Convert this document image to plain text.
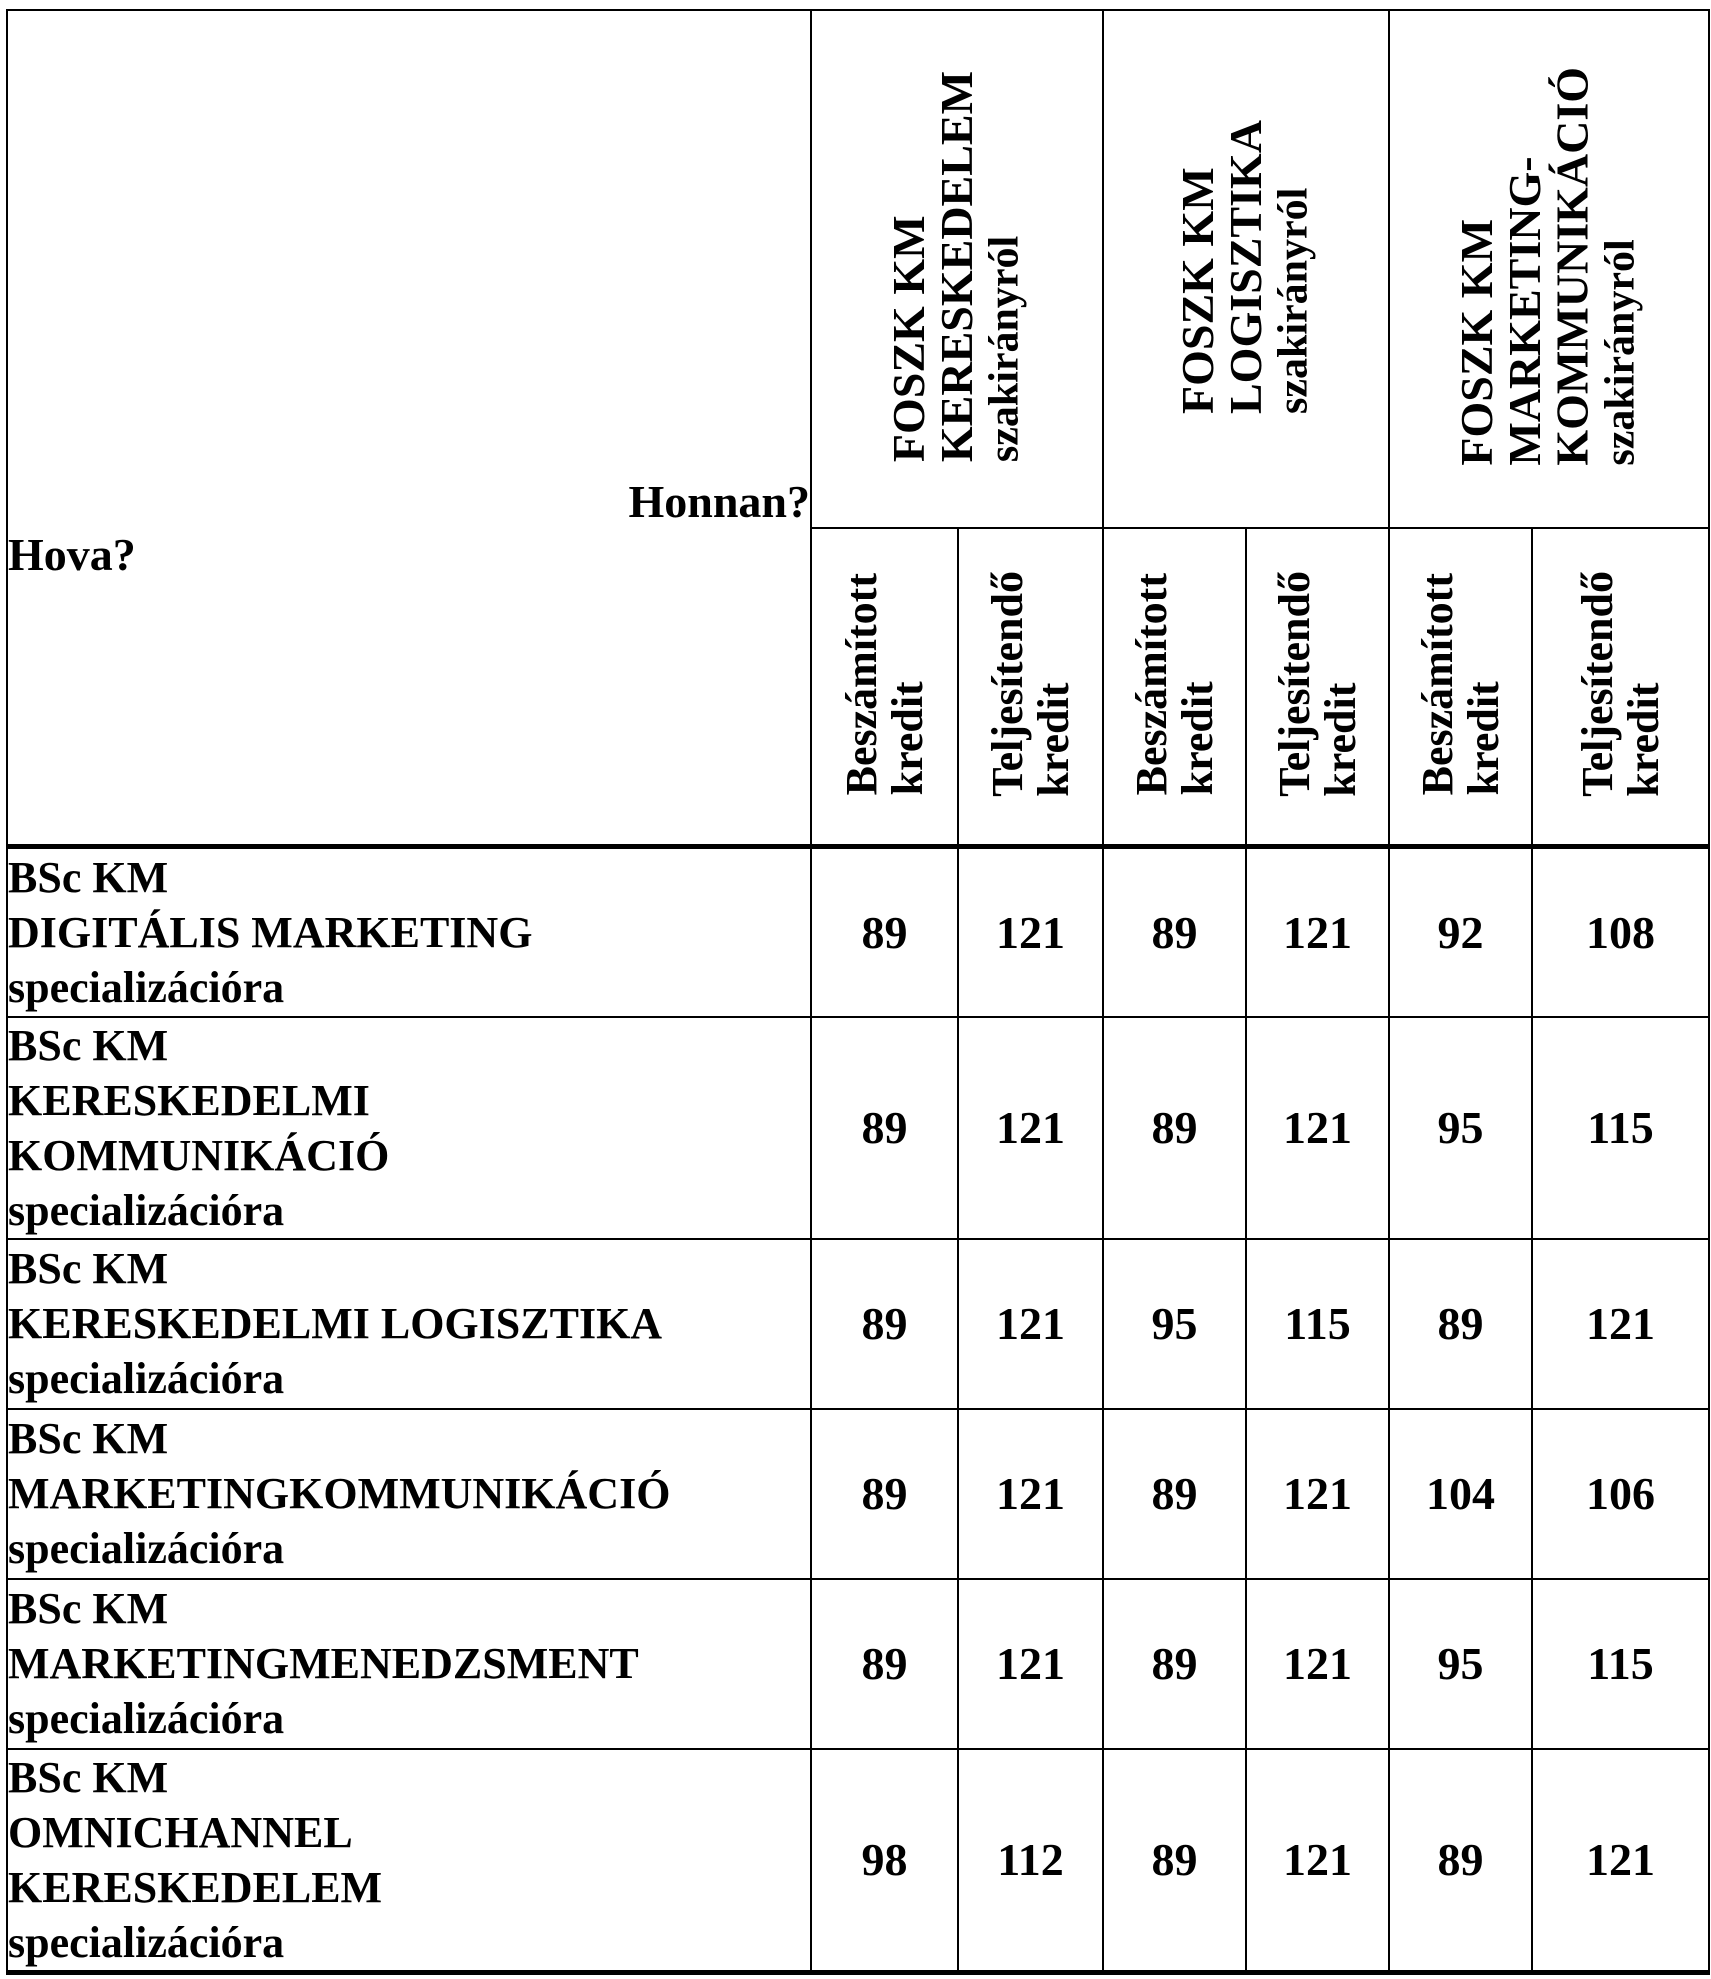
Honnan?	FOSZK KM
KERESKEDELEM
szakirányról		FOSZK KM
LOGISZTIKA
szakirányról		FOSZK KM
MARKETING-
KOMMUNIKÁCIÓ
szakirányról	
Hova?	Beszámított
kredit	Teljesítendő
kredit	Beszámított
kredit	Teljesítendő
kredit	Beszámított
kredit	Teljesítendő
kredit

BSc KM
DIGITÁLIS MARKETING
specializációra	89	121	89	121	92	108

BSc KM
KERESKEDELMI
KOMMUNIKÁCIÓ
specializációra	89	121	89	121	95	115

BSc KM
KERESKEDELMI LOGISZTIKA
specializációra	89	121	95	115	89	121

BSc KM
MARKETINGKOMMUNIKÁCIÓ
specializációra	89	121	89	121	104	106

BSc KM
MARKETINGMENEDZSMENT
specializációra	89	121	89	121	95	115

BSc KM
OMNICHANNEL
KERESKEDELEM
specializációra	98	112	89	121	89	121
